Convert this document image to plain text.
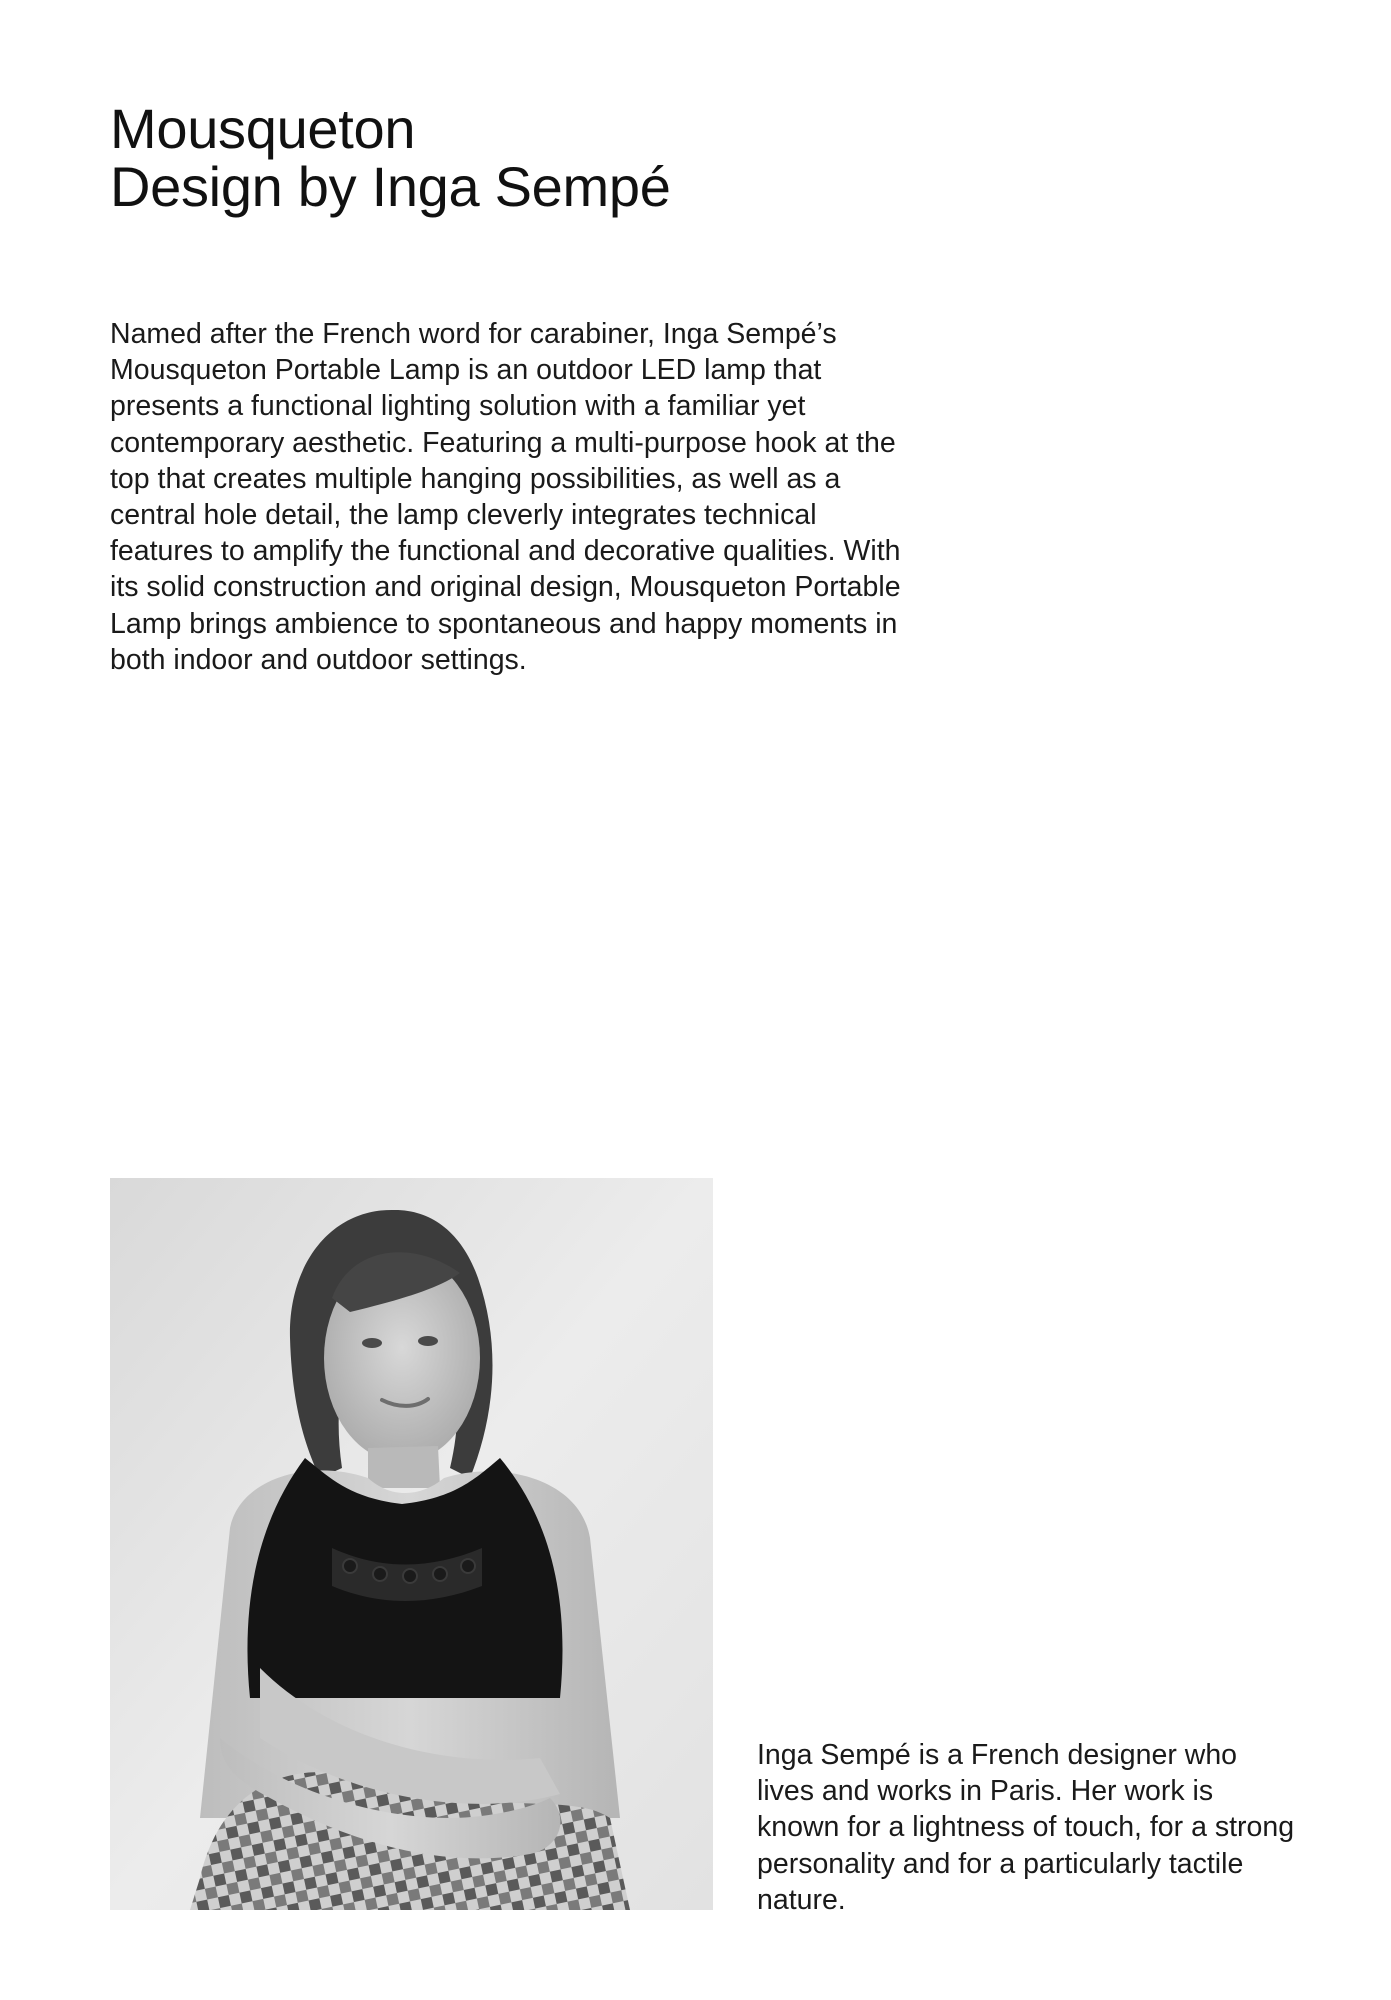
Mousqueton
Design by Inga Sempé

Named after the French word for carabiner, Inga Sempé’s Mousqueton Portable Lamp is an outdoor LED lamp that presents a functional lighting solution with a familiar yet contemporary aesthetic. Featuring a multi-purpose hook at the top that creates multiple hanging possibilities, as well as a central hole detail, the lamp cleverly integrates technical features to amplify the functional and decorative qualities. With its solid construction and original design, Mousqueton Portable Lamp brings ambience to spontaneous and happy moments in both indoor and outdoor settings.

Inga Sempé is a French designer who lives and works in Paris. Her work is known for a lightness of touch, for a strong personality and for a particularly tactile nature.
